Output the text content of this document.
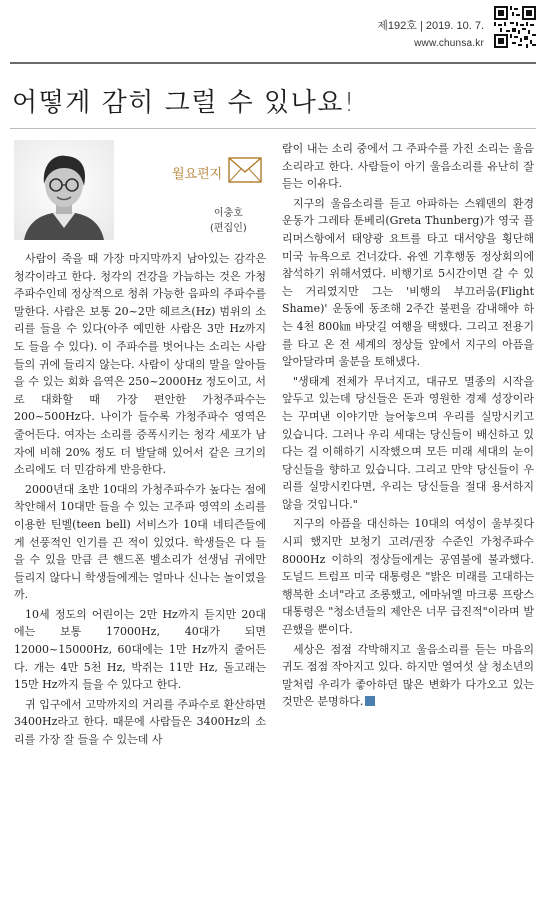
제192호 | 2019. 10. 7.
www.chunsa.kr
어떻게 감히 그럴 수 있나요!
월요편지
이충호
(편집인)

사람이 죽을 때 가장 마지막까지 남아있는 감각은 청각이라고 한다. 청각의 건강을 가늠하는 것은 가청주파수인데 정상적으로 청취 가능한 음파의 주파수를 말한다. 사람은 보통 20~2만 헤르츠(Hz) 범위의 소리를 들을 수 있다(아주 예민한 사람은 3만 Hz까지도 들을 수 있다). 이 주파수를 벗어나는 소리는 사람들의 귀에 들리지 않는다. 사람이 상대의 말을 알아들을 수 있는 회화 음역은 250~2000Hz 정도이고, 서로 대화할 때 가장 편안한 가청주파수는 200~500Hz다. 나이가 들수록 가청주파수 영역은 줄어든다. 여자는 소리를 증폭시키는 청각 세포가 남자에 비해 20% 정도 더 발달해 있어서 같은 크기의 소리에도 더 민감하게 반응한다.

2000년대 초반 10대의 가청주파수가 높다는 점에 착안해서 10대만 들을 수 있는 고주파 영역의 소리를 이용한 틴벨(teen bell) 서비스가 10대 네티즌들에게 선풍적인 인기를 끈 적이 있었다. 학생들은 다 들을 수 있을 만큼 큰 핸드폰 벨소리가 선생님 귀에만 들리지 않다니 학생들에게는 얼마나 신나는 놀이였을까.

10세 정도의 어린이는 2만 Hz까지 듣지만 20대에는 보통 17000Hz, 40대가 되면 12000~15000Hz, 60대에는 1만 Hz까지 줄어든다. 개는 4만 5천 Hz, 박쥐는 11만 Hz, 돌고래는 15만 Hz까지 들을 수 있다고 한다.

귀 입구에서 고막까지의 거리를 주파수로 환산하면 3400Hz라고 한다. 때문에 사람들은 3400Hz의 소리를 가장 잘 들을 수 있는데 사

람이 내는 소리 중에서 그 주파수를 가진 소리는 울음소리라고 한다. 사람들이 아기 울음소리를 유난히 잘 듣는 이유다.

지구의 울음소리를 듣고 아파하는 스웨덴의 환경 운동가 그레타 툰베리(Greta Thunberg)가 영국 플리머스항에서 태양광 요트를 타고 대서양을 횡단해 미국 뉴욕으로 건너갔다. 유엔 기후행동 정상회의에 참석하기 위해서였다. 비행기로 5시간이면 갈 수 있는 거리였지만 그는 '비행의 부끄러움(Flight Shame)' 운동에 동조해 2주간 불편을 감내해야 하는 4천 800㎞ 바닷길 여행을 택했다. 그리고 전용기를 타고 온 전 세계의 정상들 앞에서 지구의 아픔을 알아달라며 울분을 토해냈다.

"생태계 전체가 무너지고, 대규모 멸종의 시작을 앞두고 있는데 당신들은 돈과 영원한 경제 성장이라는 꾸며낸 이야기만 늘어놓으며 우리를 실망시키고 있습니다. 그러나 우리 세대는 당신들이 배신하고 있다는 걸 이해하기 시작했으며 모든 미래 세대의 눈이 당신들을 향하고 있습니다. 그리고 만약 당신들이 우리를 실망시킨다면, 우리는 당신들을 절대 용서하지 않을 것입니다."

지구의 아픔을 대신하는 10대의 여성이 울부짖다시피 했지만 보청기 고려/권장 수준인 가청주파수 8000Hz 이하의 정상들에게는 공염불에 불과했다. 도널드 트럼프 미국 대통령은 "밝은 미래를 고대하는 행복한 소녀"라고 조롱했고, 에마뉘엘 마크롱 프랑스 대통령은 "청소년들의 제안은 너무 급진적"이라며 발끈했을 뿐이다.

세상은 점점 각박해지고 울음소리를 듣는 마음의 귀도 점점 작아지고 있다. 하지만 열여섯 살 청소년의 말처럼 우리가 좋아하던 많은 변화가 다가오고 있는 것만은 분명하다.
